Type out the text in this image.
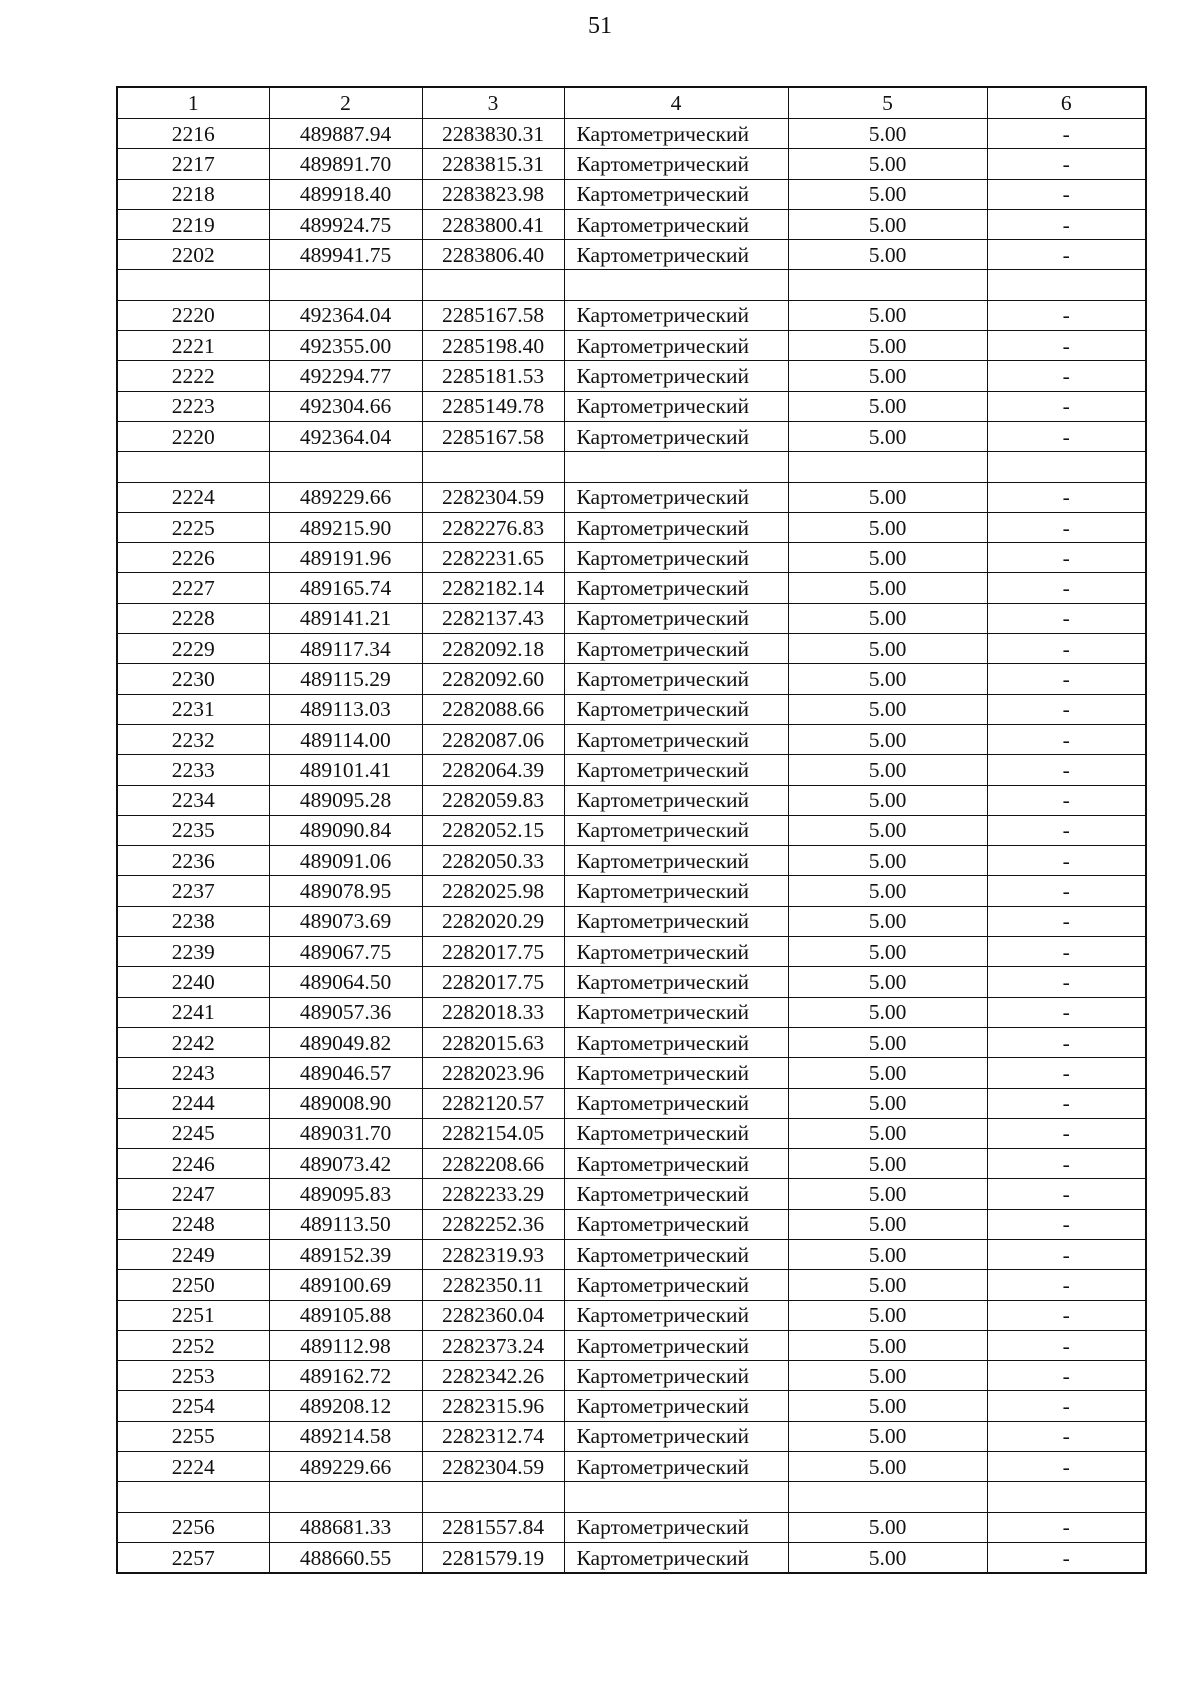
51
1	2	3	4	5	6
2216	489887.94	2283830.31	Картометрический	5.00	-
2217	489891.70	2283815.31	Картометрический	5.00	-
2218	489918.40	2283823.98	Картометрический	5.00	-
2219	489924.75	2283800.41	Картометрический	5.00	-
2202	489941.75	2283806.40	Картометрический	5.00	-

2220	492364.04	2285167.58	Картометрический	5.00	-
2221	492355.00	2285198.40	Картометрический	5.00	-
2222	492294.77	2285181.53	Картометрический	5.00	-
2223	492304.66	2285149.78	Картометрический	5.00	-
2220	492364.04	2285167.58	Картометрический	5.00	-

2224	489229.66	2282304.59	Картометрический	5.00	-
2225	489215.90	2282276.83	Картометрический	5.00	-
2226	489191.96	2282231.65	Картометрический	5.00	-
2227	489165.74	2282182.14	Картометрический	5.00	-
2228	489141.21	2282137.43	Картометрический	5.00	-
2229	489117.34	2282092.18	Картометрический	5.00	-
2230	489115.29	2282092.60	Картометрический	5.00	-
2231	489113.03	2282088.66	Картометрический	5.00	-
2232	489114.00	2282087.06	Картометрический	5.00	-
2233	489101.41	2282064.39	Картометрический	5.00	-
2234	489095.28	2282059.83	Картометрический	5.00	-
2235	489090.84	2282052.15	Картометрический	5.00	-
2236	489091.06	2282050.33	Картометрический	5.00	-
2237	489078.95	2282025.98	Картометрический	5.00	-
2238	489073.69	2282020.29	Картометрический	5.00	-
2239	489067.75	2282017.75	Картометрический	5.00	-
2240	489064.50	2282017.75	Картометрический	5.00	-
2241	489057.36	2282018.33	Картометрический	5.00	-
2242	489049.82	2282015.63	Картометрический	5.00	-
2243	489046.57	2282023.96	Картометрический	5.00	-
2244	489008.90	2282120.57	Картометрический	5.00	-
2245	489031.70	2282154.05	Картометрический	5.00	-
2246	489073.42	2282208.66	Картометрический	5.00	-
2247	489095.83	2282233.29	Картометрический	5.00	-
2248	489113.50	2282252.36	Картометрический	5.00	-
2249	489152.39	2282319.93	Картометрический	5.00	-
2250	489100.69	2282350.11	Картометрический	5.00	-
2251	489105.88	2282360.04	Картометрический	5.00	-
2252	489112.98	2282373.24	Картометрический	5.00	-
2253	489162.72	2282342.26	Картометрический	5.00	-
2254	489208.12	2282315.96	Картометрический	5.00	-
2255	489214.58	2282312.74	Картометрический	5.00	-
2224	489229.66	2282304.59	Картометрический	5.00	-

2256	488681.33	2281557.84	Картометрический	5.00	-
2257	488660.55	2281579.19	Картометрический	5.00	-
